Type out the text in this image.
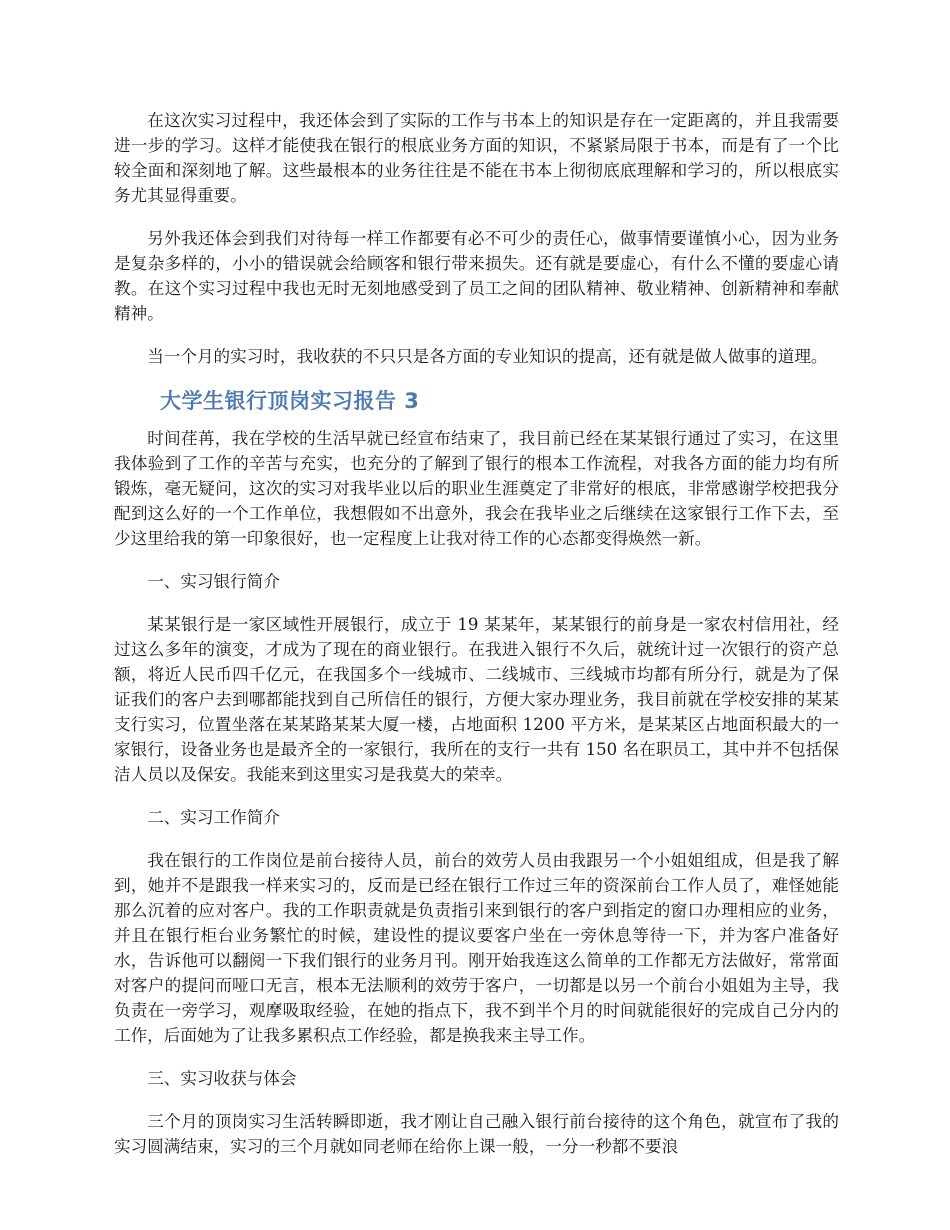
在这次实习过程中，我还体会到了实际的工作与书本上的知识是存在一定距离的，并且我需要进一步的学习。这样才能使我在银行的根底业务方面的知识，不紧紧局限于书本，而是有了一个比较全面和深刻地了解。这些最根本的业务往往是不能在书本上彻彻底底理解和学习的，所以根底实务尤其显得重要。

另外我还体会到我们对待每一样工作都要有必不可少的责任心，做事情要谨慎小心，因为业务是复杂多样的，小小的错误就会给顾客和银行带来损失。还有就是要虚心，有什么不懂的要虚心请教。在这个实习过程中我也无时无刻地感受到了员工之间的团队精神、敬业精神、创新精神和奉献精神。

当一个月的实习时，我收获的不只只是各方面的专业知识的提高，还有就是做人做事的道理。

大学生银行顶岗实习报告 3

时间荏苒，我在学校的生活早就已经宣布结束了，我目前已经在某某银行通过了实习，在这里我体验到了工作的辛苦与充实，也充分的了解到了银行的根本工作流程，对我各方面的能力均有所锻炼，毫无疑问，这次的实习对我毕业以后的职业生涯奠定了非常好的根底，非常感谢学校把我分配到这么好的一个工作单位，我想假如不出意外，我会在我毕业之后继续在这家银行工作下去，至少这里给我的第一印象很好，也一定程度上让我对待工作的心态都变得焕然一新。

一、实习银行简介

某某银行是一家区域性开展银行，成立于 19 某某年，某某银行的前身是一家农村信用社，经过这么多年的演变，才成为了现在的商业银行。在我进入银行不久后，就统计过一次银行的资产总额，将近人民币四千亿元，在我国多个一线城市、二线城市、三线城市均都有所分行，就是为了保证我们的客户去到哪都能找到自己所信任的银行，方便大家办理业务，我目前就在学校安排的某某支行实习，位置坐落在某某路某某大厦一楼，占地面积 1200 平方米，是某某区占地面积最大的一家银行，设备业务也是最齐全的一家银行，我所在的支行一共有 150 名在职员工，其中并不包括保洁人员以及保安。我能来到这里实习是我莫大的荣幸。

二、实习工作简介

我在银行的工作岗位是前台接待人员，前台的效劳人员由我跟另一个小姐姐组成，但是我了解到，她并不是跟我一样来实习的，反而是已经在银行工作过三年的资深前台工作人员了，难怪她能那么沉着的应对客户。我的工作职责就是负责指引来到银行的客户到指定的窗口办理相应的业务，并且在银行柜台业务繁忙的时候，建设性的提议要客户坐在一旁休息等待一下，并为客户准备好水，告诉他可以翻阅一下我们银行的业务月刊。刚开始我连这么简单的工作都无方法做好，常常面对客户的提问而哑口无言，根本无法顺利的效劳于客户，一切都是以另一个前台小姐姐为主导，我负责在一旁学习，观摩吸取经验，在她的指点下，我不到半个月的时间就能很好的完成自己分内的工作，后面她为了让我多累积点工作经验，都是换我来主导工作。

三、实习收获与体会

三个月的顶岗实习生活转瞬即逝，我才刚让自己融入银行前台接待的这个角色，就宣布了我的实习圆满结束，实习的三个月就如同老师在给你上课一般，一分一秒都不要浪
